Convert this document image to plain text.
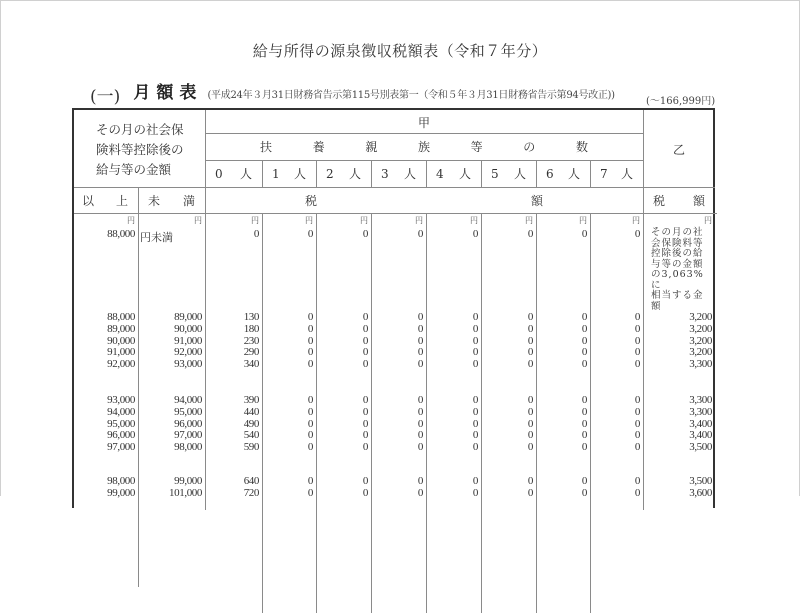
給与所得の源泉徴収税額表（令和７年分）
(一) 月額表 (平成24年３月31日財務省告示第115号別表第一（令和５年３月31日財務省告示第94号改正))
(～166,999円)
その月の社会保
険料等控除後の
給与等の金額
甲
扶	養	親	族	等	の	数
0 人 1 人 2 人 3 人 4 人 5 人 6 人 7 人
乙
以 上 未 満	税	額	税 額
円	円	円	円	円	円	円	円	円	円	円
88,000 円未満	0	0	0	0	0	0	0	0 その月の社
会保険料等
控除後の給
与等の金額
の3,063%に
相当する金
額
88,000	89,000	130	0	0	0	0	0	0	0	3,200
89,000	90,000	180	0	0	0	0	0	0	0	3,200
90,000	91,000	230	0	0	0	0	0	0	0	3,200
91,000	92,000	290	0	0	0	0	0	0	0	3,200
92,000	93,000	340	0	0	0	0	0	0	0	3,300
93,000	94,000	390	0	0	0	0	0	0	0	3,300
94,000	95,000	440	0	0	0	0	0	0	0	3,300
95,000	96,000	490	0	0	0	0	0	0	0	3,400
96,000	97,000	540	0	0	0	0	0	0	0	3,400
97,000	98,000	590	0	0	0	0	0	0	0	3,500
98,000	99,000	640	0	0	0	0	0	0	0	3,500
99,000	101,000	720	0	0	0	0	0	0	0	3,600
